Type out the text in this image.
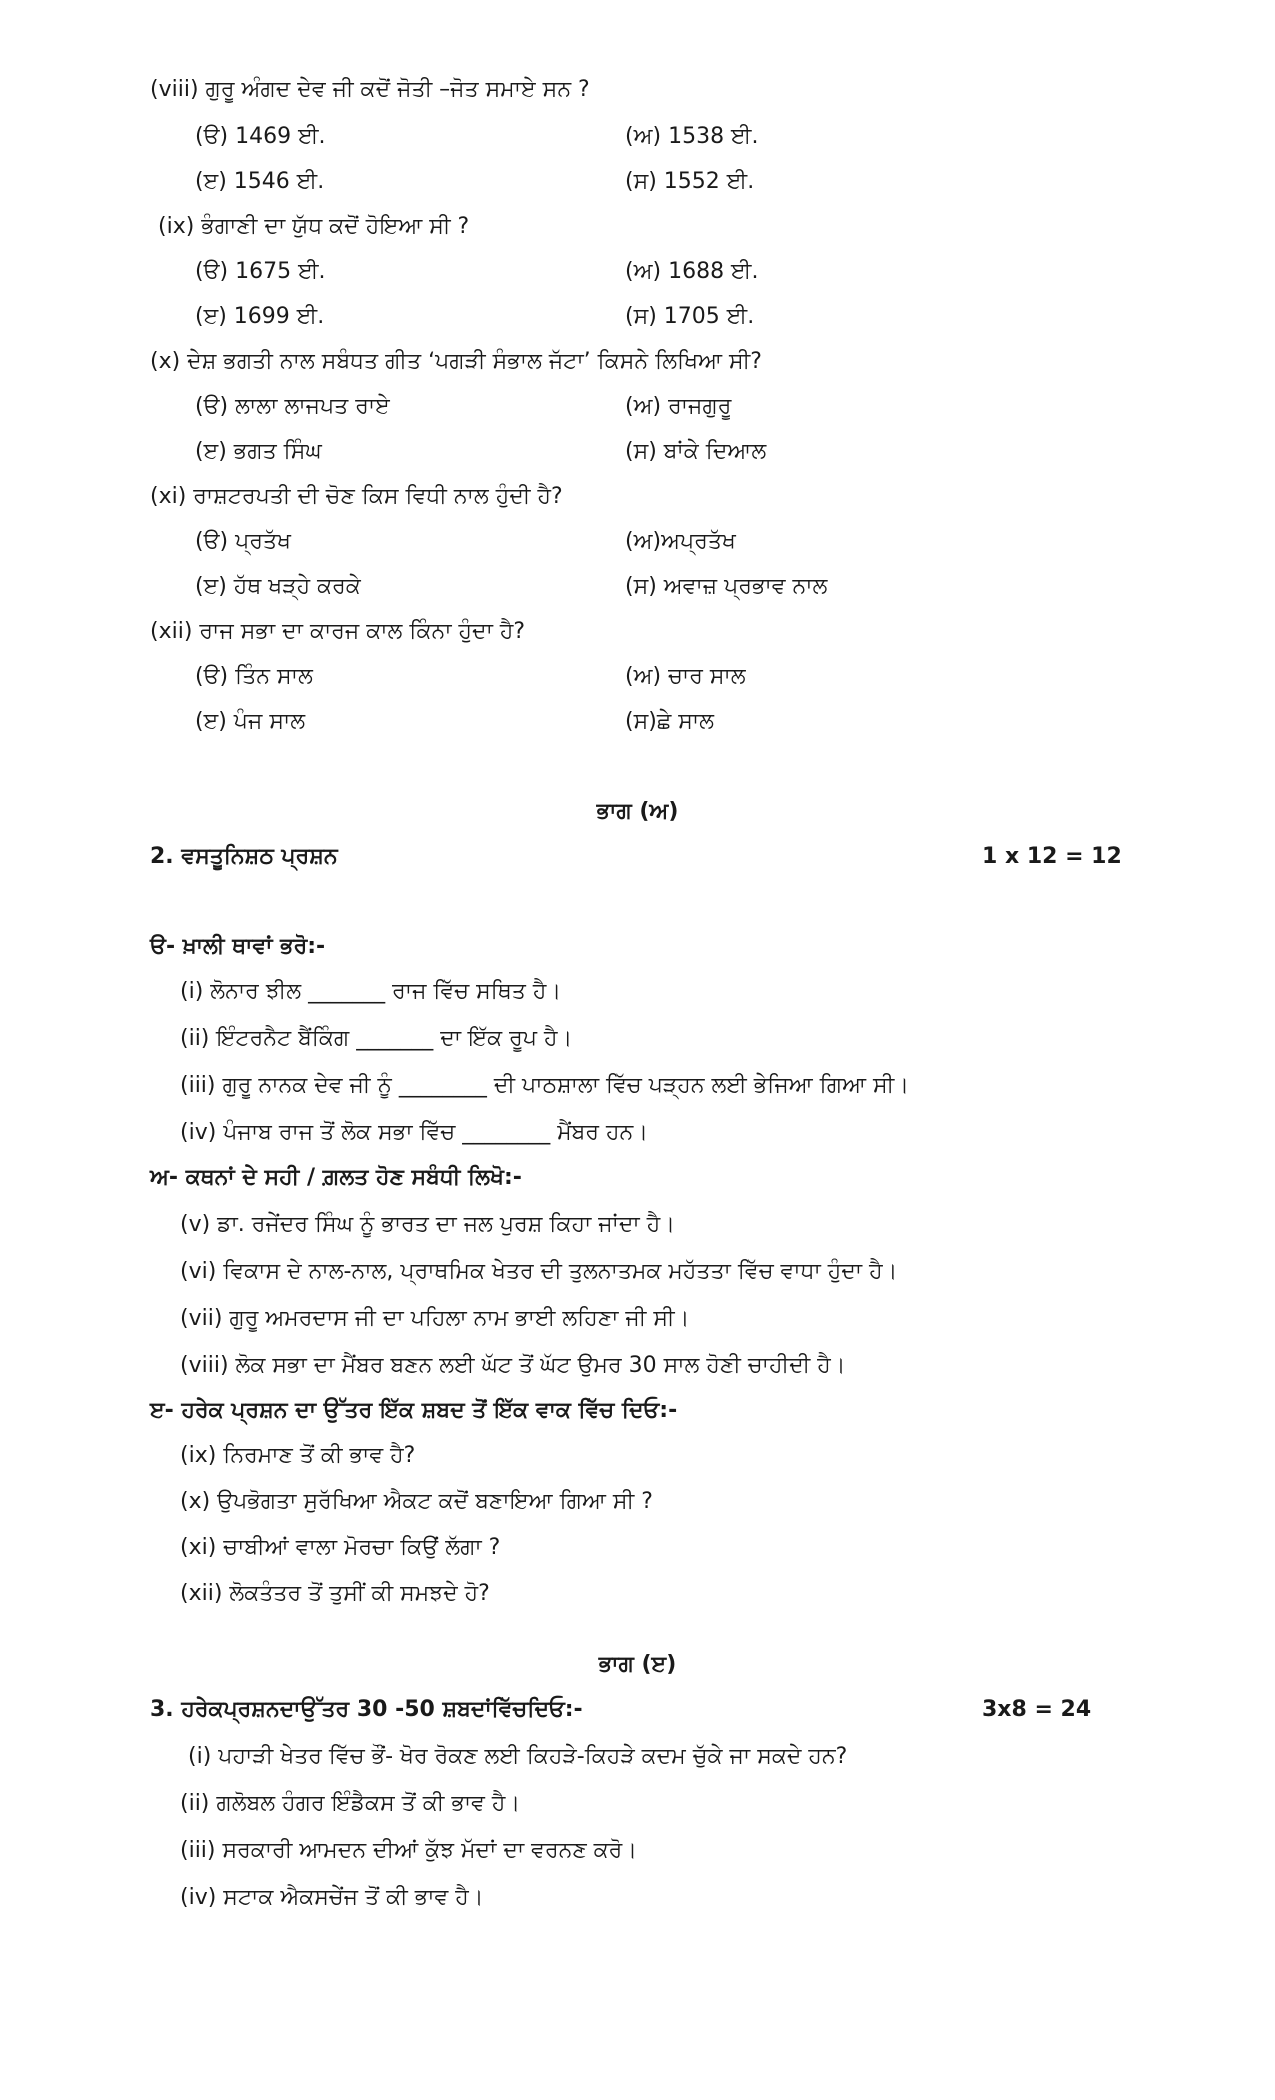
(viii) ਗੁਰੂ ਅੰਗਦ ਦੇਵ ਜੀ ਕਦੋਂ ਜੋਤੀ –ਜੋਤ ਸਮਾਏ ਸਨ ?
(ੳ) 1469 ਈ.	(ਅ) 1538 ਈ.
(ੲ) 1546 ਈ.	(ਸ) 1552 ਈ.
(ix) ਭੰਗਾਣੀ ਦਾ ਯੁੱਧ ਕਦੋਂ ਹੋਇਆ ਸੀ ?
(ੳ) 1675 ਈ.	(ਅ) 1688 ਈ.
(ੲ) 1699 ਈ.	(ਸ) 1705 ਈ.
(x) ਦੇਸ਼ ਭਗਤੀ ਨਾਲ ਸਬੰਧਤ ਗੀਤ ‘ਪਗੜੀ ਸੰਭਾਲ ਜੱਟਾ’ ਕਿਸਨੇ ਲਿਖਿਆ ਸੀ?
(ੳ) ਲਾਲਾ ਲਾਜਪਤ ਰਾਏ	(ਅ) ਰਾਜਗੁਰੂ
(ੲ) ਭਗਤ ਸਿੰਘ	(ਸ) ਬਾਂਕੇ ਦਿਆਲ
(xi) ਰਾਸ਼ਟਰਪਤੀ ਦੀ ਚੋਣ ਕਿਸ ਵਿਧੀ ਨਾਲ ਹੁੰਦੀ ਹੈ?
(ੳ) ਪ੍ਰਤੱਖ	(ਅ)ਅਪ੍ਰਤੱਖ
(ੲ) ਹੱਥ ਖੜ੍ਹੇ ਕਰਕੇ	(ਸ) ਅਵਾਜ਼ ਪ੍ਰਭਾਵ ਨਾਲ
(xii) ਰਾਜ ਸਭਾ ਦਾ ਕਾਰਜ ਕਾਲ ਕਿੰਨਾ ਹੁੰਦਾ ਹੈ?
(ੳ) ਤਿੰਨ ਸਾਲ	(ਅ) ਚਾਰ ਸਾਲ
(ੲ) ਪੰਜ ਸਾਲ	(ਸ)ਛੇ ਸਾਲ
ਭਾਗ (ਅ)
2. ਵਸਤੂਨਿਸ਼ਠ ਪ੍ਰਸ਼ਨ	1 x 12 = 12
ੳ- ਖ਼ਾਲੀ ਥਾਵਾਂ ਭਰੋ:-
(i) ਲੋਨਾਰ ਝੀਲ _______ ਰਾਜ ਵਿੱਚ ਸਥਿਤ ਹੈ।
(ii) ਇੰਟਰਨੈਟ ਬੈਂਕਿੰਗ _______ ਦਾ ਇੱਕ ਰੂਪ ਹੈ।
(iii) ਗੁਰੂ ਨਾਨਕ ਦੇਵ ਜੀ ਨੂੰ ________ ਦੀ ਪਾਠਸ਼ਾਲਾ ਵਿੱਚ ਪੜ੍ਹਨ ਲਈ ਭੇਜਿਆ ਗਿਆ ਸੀ।
(iv) ਪੰਜਾਬ ਰਾਜ ਤੋਂ ਲੋਕ ਸਭਾ ਵਿੱਚ ________ ਮੈਂਬਰ ਹਨ।
ਅ- ਕਥਨਾਂ ਦੇ ਸਹੀ / ਗ਼ਲਤ ਹੋਣ ਸਬੰਧੀ ਲਿਖੋ:-
(v) ਡਾ. ਰਜੇਂਦਰ ਸਿੰਘ ਨੂੰ ਭਾਰਤ ਦਾ ਜਲ ਪੁਰਸ਼ ਕਿਹਾ ਜਾਂਦਾ ਹੈ।
(vi) ਵਿਕਾਸ ਦੇ ਨਾਲ-ਨਾਲ, ਪ੍ਰਾਥਮਿਕ ਖੇਤਰ ਦੀ ਤੁਲਨਾਤਮਕ ਮਹੱਤਤਾ ਵਿੱਚ ਵਾਧਾ ਹੁੰਦਾ ਹੈ।
(vii) ਗੁਰੂ ਅਮਰਦਾਸ ਜੀ ਦਾ ਪਹਿਲਾ ਨਾਮ ਭਾਈ ਲਹਿਣਾ ਜੀ ਸੀ।
(viii) ਲੋਕ ਸਭਾ ਦਾ ਮੈਂਬਰ ਬਣਨ ਲਈ ਘੱਟ ਤੋਂ ਘੱਟ ਉਮਰ 30 ਸਾਲ ਹੋਣੀ ਚਾਹੀਦੀ ਹੈ।
ੲ- ਹਰੇਕ ਪ੍ਰਸ਼ਨ ਦਾ ਉੱਤਰ ਇੱਕ ਸ਼ਬਦ ਤੋਂ ਇੱਕ ਵਾਕ ਵਿੱਚ ਦਿਓ:-
(ix) ਨਿਰਮਾਣ ਤੋਂ ਕੀ ਭਾਵ ਹੈ?
(x) ਉਪਭੋਗਤਾ ਸੁਰੱਖਿਆ ਐਕਟ ਕਦੋਂ ਬਣਾਇਆ ਗਿਆ ਸੀ ?
(xi) ਚਾਬੀਆਂ ਵਾਲਾ ਮੋਰਚਾ ਕਿਉਂ ਲੱਗਾ ?
(xii) ਲੋਕਤੰਤਰ ਤੋਂ ਤੁਸੀਂ ਕੀ ਸਮਝਦੇ ਹੋ?
ਭਾਗ (ੲ)
3. ਹਰੇਕਪ੍ਰਸ਼ਨਦਾਉੱਤਰ 30 -50 ਸ਼ਬਦਾਂਵਿੱਚਦਿਓ:-	3x8 = 24
(i) ਪਹਾੜੀ ਖੇਤਰ ਵਿੱਚ ਭੌਂ- ਖੋਰ ਰੋਕਣ ਲਈ ਕਿਹੜੇ-ਕਿਹੜੇ ਕਦਮ ਚੁੱਕੇ ਜਾ ਸਕਦੇ ਹਨ?
(ii) ਗਲੋਬਲ ਹੰਗਰ ਇੰਡੈਕਸ ਤੋਂ ਕੀ ਭਾਵ ਹੈ।
(iii) ਸਰਕਾਰੀ ਆਮਦਨ ਦੀਆਂ ਕੁੱਝ ਮੱਦਾਂ ਦਾ ਵਰਨਣ ਕਰੋ।
(iv) ਸਟਾਕ ਐਕਸਚੇਂਜ ਤੋਂ ਕੀ ਭਾਵ ਹੈ।
